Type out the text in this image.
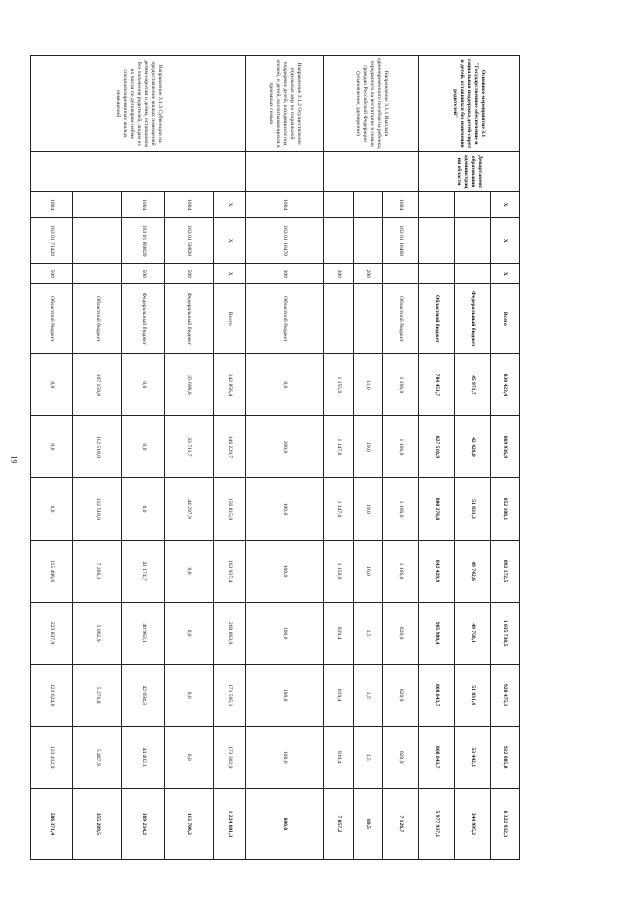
19
Основное мероприятие 3.1 "Государственное обеспечение и социальная поддержка детей-сирот и детей, оставшихся без попечения родителей"	Департамент образования администрации области	X	X	X	Всего	830 423,4	869 936,9	852 108,1	892 172,5	1 035 730,5	920 475,1	922 085,8	6 322 932,3
					Федеральный бюджет	45 971,7	42 426,0	51 831,3	49 742,6	49 750,1	51 831,4	53 442,1	344 995,2
					Областной бюджет	784 451,7	827 510,9	800 276,8	842 429,9	985 980,4	868 643,7	868 643,7	5 977 937,1
Направление 3.1.1 Выплата единовременного пособия на ребенка, переданного на воспитание в семью граждан Российской Федерации (усыновление, удочерение)		1004	163 01 10460		Областной бюджет	1 166,0	1 166,0	1 166,0	1 166,0	820,9	820,9	820,9	7 126,7
				200		11,0	19,0	19,0	16,0	1,5	1,5	1,5	69,5
				300		1 155,0	1 147,0	1 147,0	1 150,0	819,4	819,4	819,4	7 057,2
Направление 3.1.2 Осуществление отдельных мер по социальной поддержке детей, находящихся под опекой, и детей, воспитывающихся в приемных семьях		1004	163 01 10470	300	Областной бюджет	0,0	100,0	100,0	100,0	100,0	100,0	100,0	600,0
Направление 3.1.3 Субвенции на предоставление жилых помещений детям-сиротам и детям, оставшимся без попечения родителей, лицам из их числа по договорам найма специализированных жилых помещений		X	X	X	Всего	142 856,4	146 229,7	156 815,9	163 937,4	269 863,9	171 595,1	173 302,9	1 224 601,3
		1004	163 01 50820	500	Федеральный бюджет	35 696,6	33 711,7	44 297,9	0,0	0,0	0,0	0,0	113 706,2
		1004	163 01 R0820	500	Федеральный бюджет	0,0	0,0	0,0	41 174,7	40 963,1	42 694,3	44 402,1	169 234,2
					Областной бюджет	107 159,8	112 518,0	112 518,0	7 266,1	5 062,9	5 276,8	5 487,9	355 289,5
		1004	163 01 71420	500	Областной бюджет	0,0	0,0	0,0	115 496,6	223 837,9	123 624,0	123 412,9	586 371,4
